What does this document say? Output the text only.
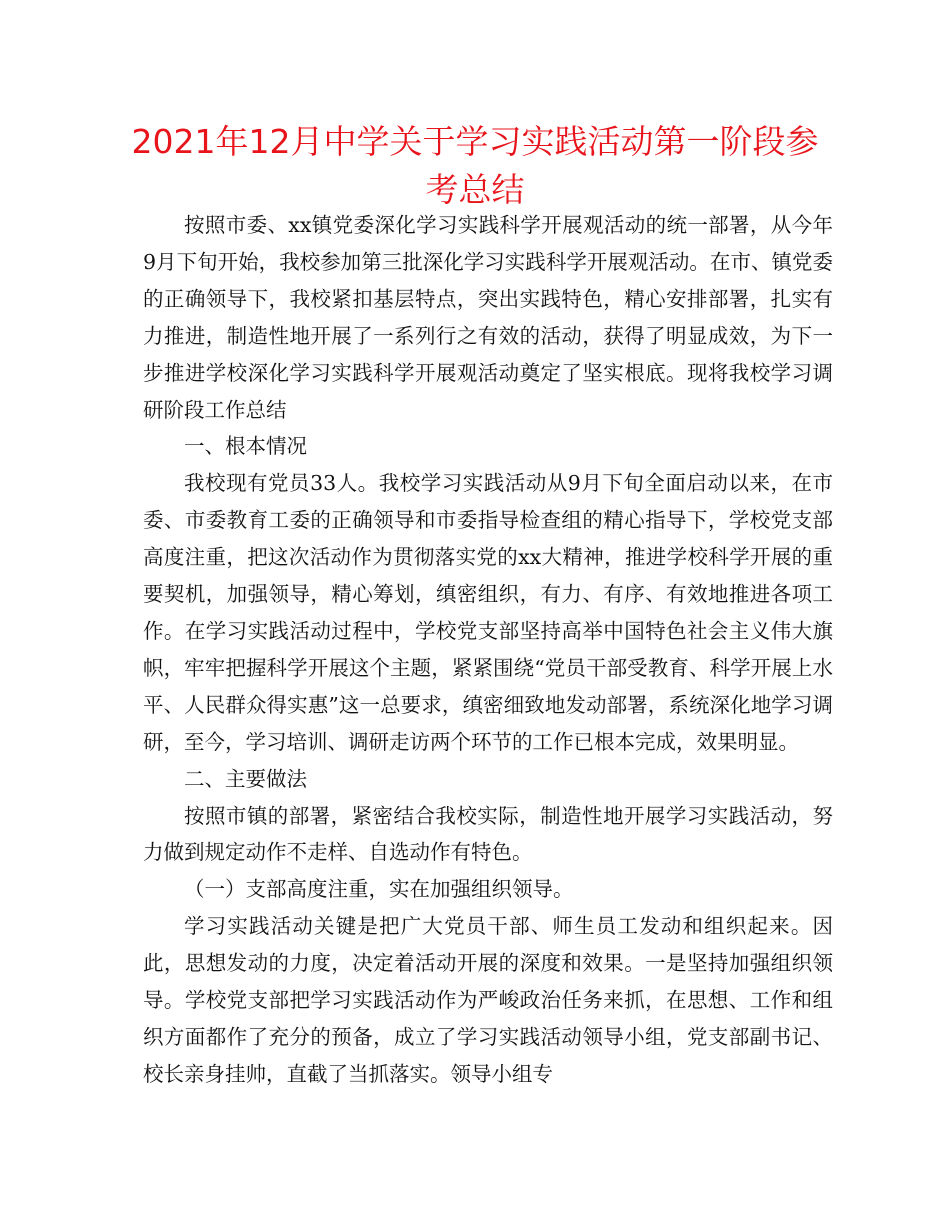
2021年12月中学关于学习实践活动第一阶段参
考总结

按照市委、xx镇党委深化学习实践科学开展观活动的统一部署，从今年9月下旬开始，我校参加第三批深化学习实践科学开展观活动。在市、镇党委的正确领导下，我校紧扣基层特点，突出实践特色，精心安排部署，扎实有力推进，制造性地开展了一系列行之有效的活动，获得了明显成效，为下一步推进学校深化学习实践科学开展观活动奠定了坚实根底。现将我校学习调研阶段工作总结

一、根本情况

我校现有党员33人。我校学习实践活动从9月下旬全面启动以来，在市委、市委教育工委的正确领导和市委指导检查组的精心指导下，学校党支部高度注重，把这次活动作为贯彻落实党的xx大精神，推进学校科学开展的重要契机，加强领导，精心筹划，缜密组织，有力、有序、有效地推进各项工作。在学习实践活动过程中，学校党支部坚持高举中国特色社会主义伟大旗帜，牢牢把握科学开展这个主题，紧紧围绕“党员干部受教育、科学开展上水平、人民群众得实惠”这一总要求，缜密细致地发动部署，系统深化地学习调研，至今，学习培训、调研走访两个环节的工作已根本完成，效果明显。

二、主要做法

按照市镇的部署，紧密结合我校实际，制造性地开展学习实践活动，努力做到规定动作不走样、自选动作有特色。

（一）支部高度注重，实在加强组织领导。

学习实践活动关键是把广大党员干部、师生员工发动和组织起来。因此，思想发动的力度，决定着活动开展的深度和效果。一是坚持加强组织领导。学校党支部把学习实践活动作为严峻政治任务来抓，在思想、工作和组织方面都作了充分的预备，成立了学习实践活动领导小组，党支部副书记、校长亲身挂帅，直截了当抓落实。领导小组专
